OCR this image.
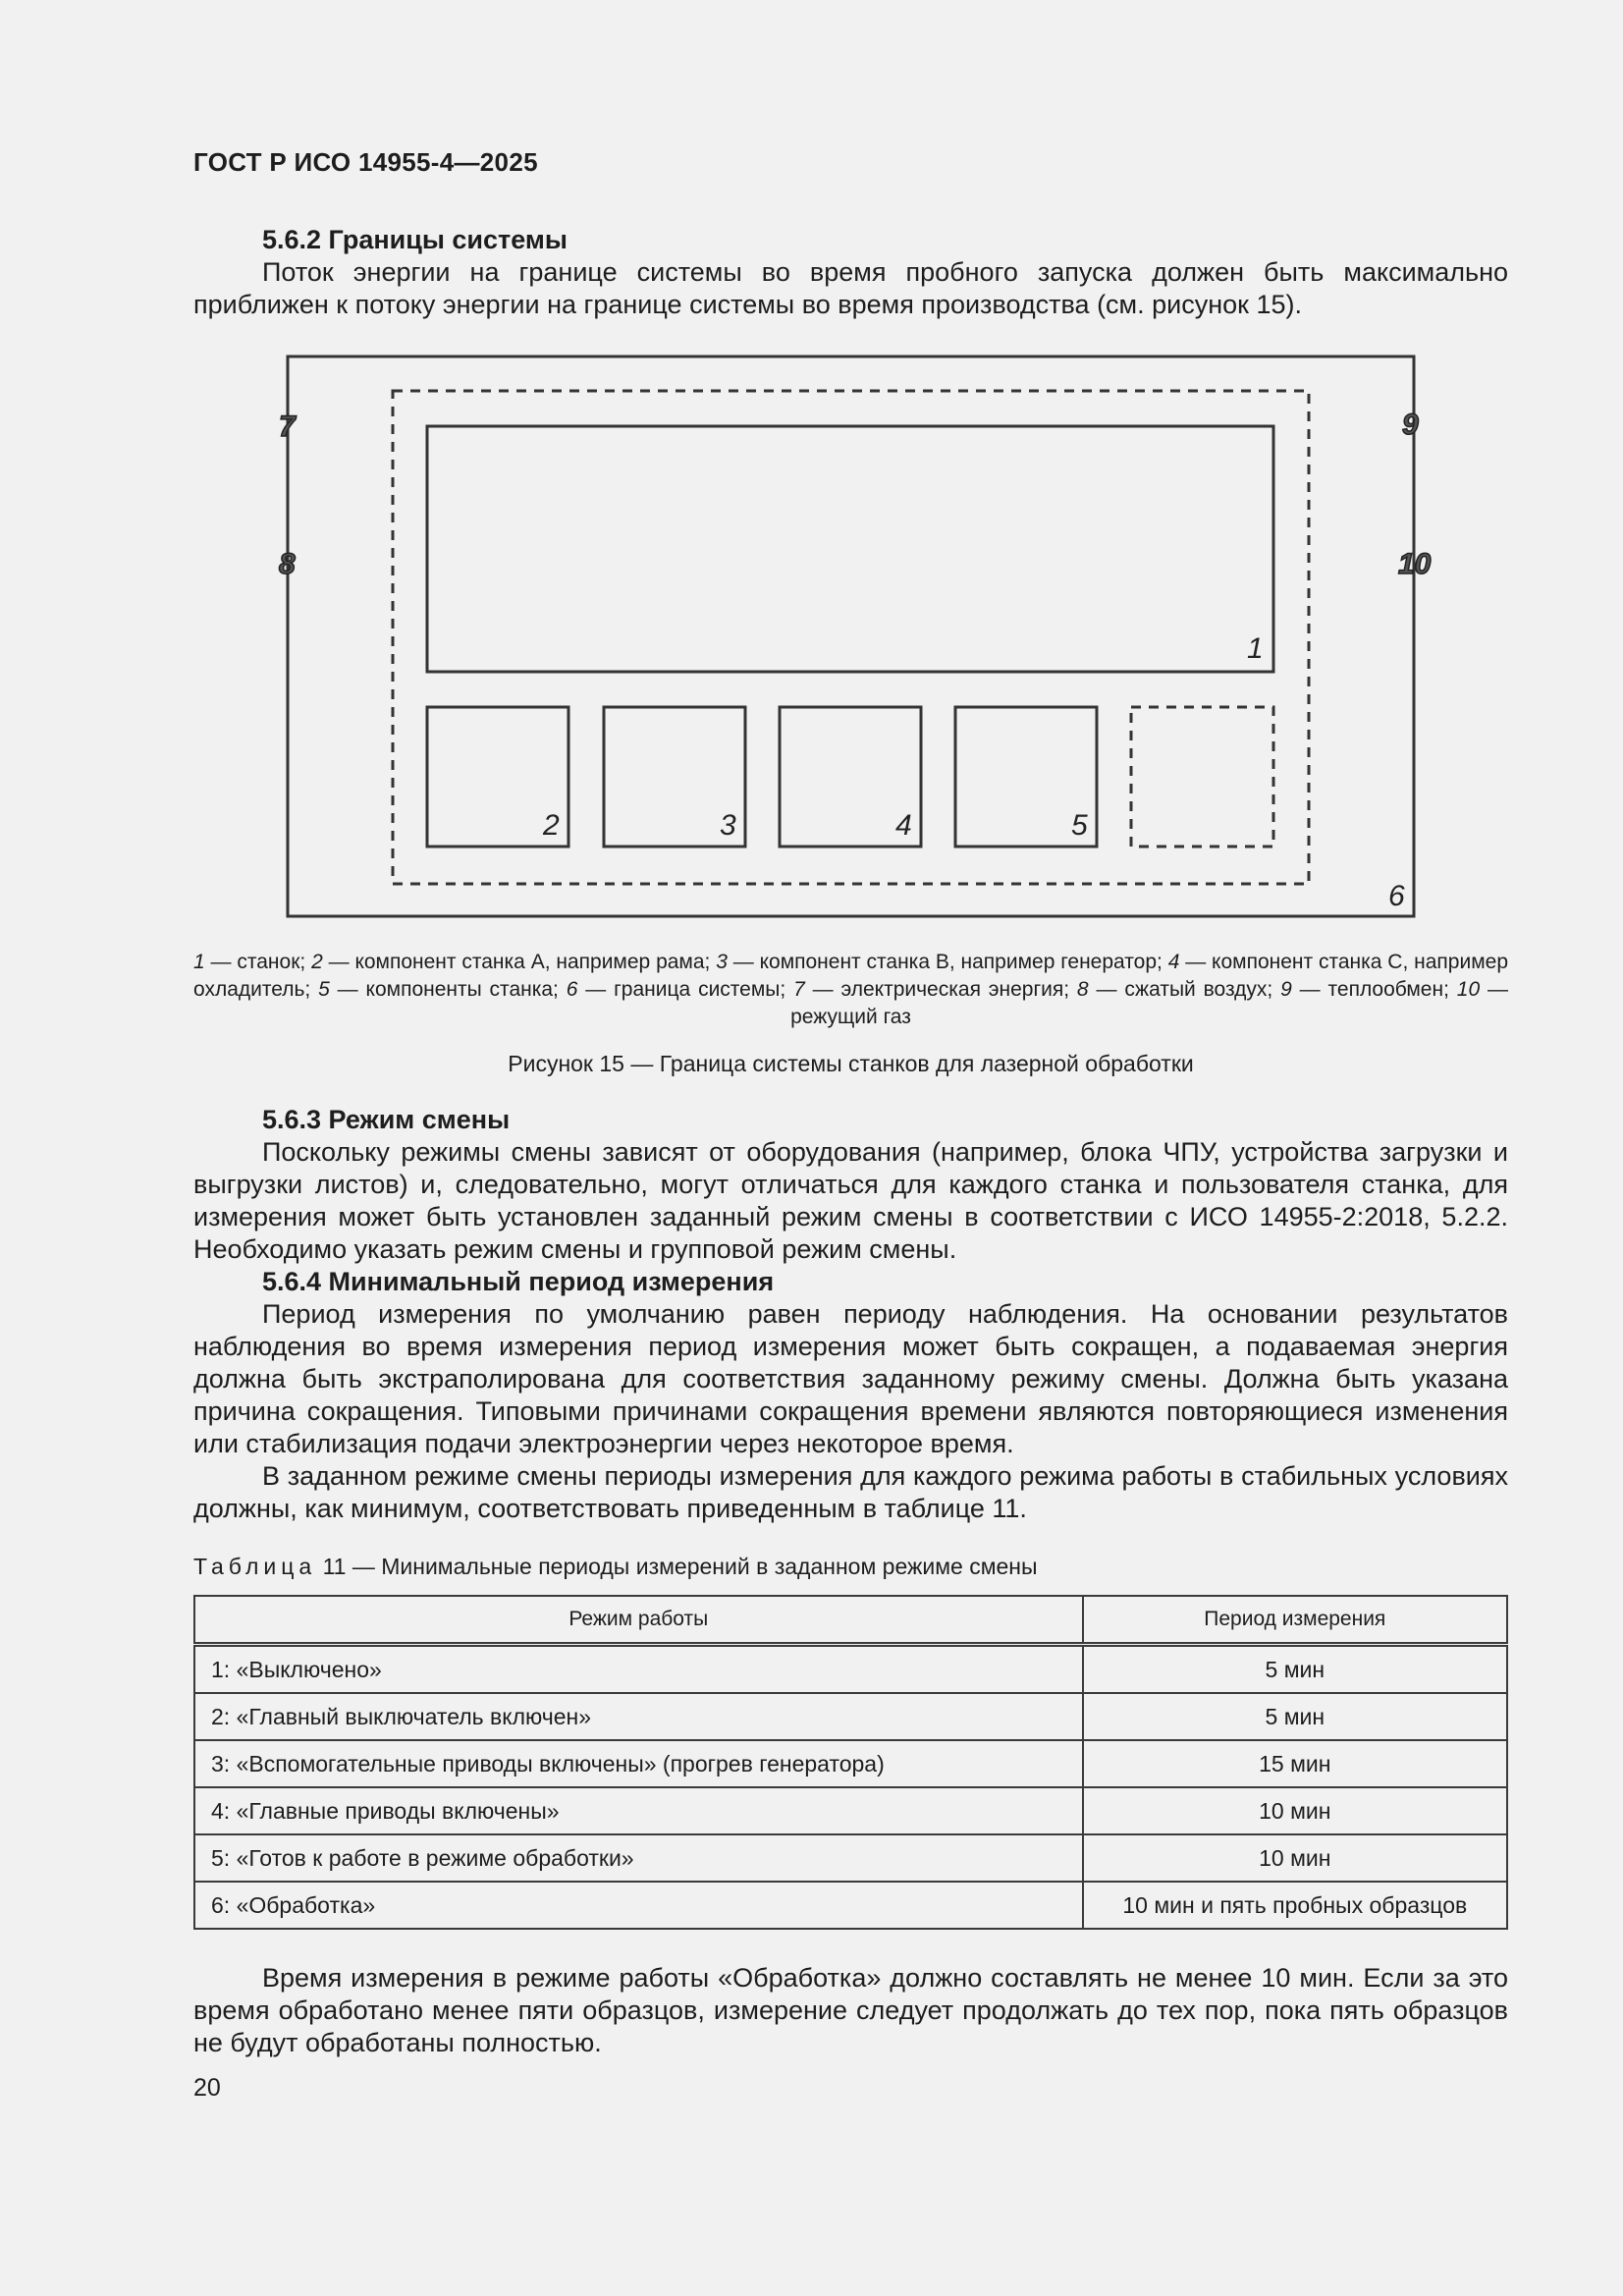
ГОСТ Р ИСО 14955-4—2025
5.6.2 Границы системы

Поток энергии на границе системы во время пробного запуска должен быть максимально приближен к потоку энергии на границе системы во время производства (см. рисунок 15).

1
2	3	4	5
6
7
8
9
10
1 — станок; 2 — компонент станка A, например рама; 3 — компонент станка B, например генератор; 4 — компонент станка C, например охладитель; 5 — компоненты станка; 6 — граница системы; 7 — электрическая энергия; 8 — сжатый воздух; 9 — теплообмен; 10 — режущий газ
Рисунок 15 — Граница системы станков для лазерной обработки
5.6.3 Режим смены

Поскольку режимы смены зависят от оборудования (например, блока ЧПУ, устройства загрузки и выгрузки листов) и, следовательно, могут отличаться для каждого станка и пользователя станка, для измерения может быть установлен заданный режим смены в соответствии с ИСО 14955-2:2018, 5.2.2. Необходимо указать режим смены и групповой режим смены.

5.6.4 Минимальный период измерения

Период измерения по умолчанию равен периоду наблюдения. На основании результатов наблюдения во время измерения период измерения может быть сокращен, а подаваемая энергия должна быть экстраполирована для соответствия заданному режиму смены. Должна быть указана причина сокращения. Типовыми причинами сокращения времени являются повторяющиеся изменения или стабилизация подачи электроэнергии через некоторое время.

В заданном режиме смены периоды измерения для каждого режима работы в стабильных условиях должны, как минимум, соответствовать приведенным в таблице 11.

Таблица 11 — Минимальные периоды измерений в заданном режиме смены
Режим работы	Период измерения
1: «Выключено»	5 мин
2: «Главный выключатель включен»	5 мин
3: «Вспомогательные приводы включены» (прогрев генератора)	15 мин
4: «Главные приводы включены»	10 мин
5: «Готов к работе в режиме обработки»	10 мин
6: «Обработка»	10 мин и пять пробных образцов

Время измерения в режиме работы «Обработка» должно составлять не менее 10 мин. Если за это время обработано менее пяти образцов, измерение следует продолжать до тех пор, пока пять образцов не будут обработаны полностью.

20
